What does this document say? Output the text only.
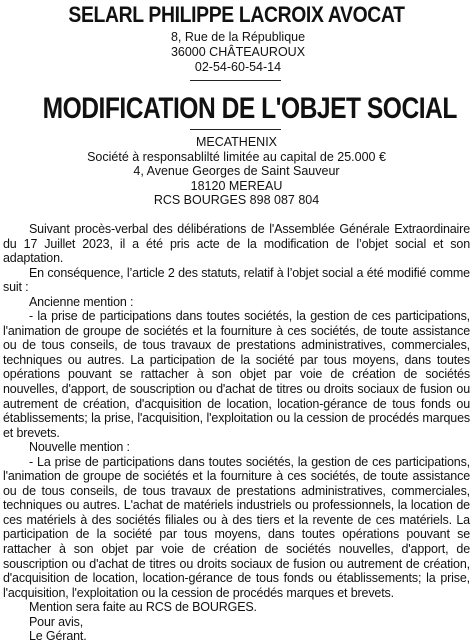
SELARL PHILIPPE LACROIX AVOCAT
8, Rue de la République
36000 CHÂTEAUROUX
02-54-60-54-14
MODIFICATION DE L'OBJET SOCIAL
MECATHENIX
Société à responsablilté limitée au capital de 25.000 €
4, Avenue Georges de Saint Sauveur
18120 MEREAU
RCS BOURGES 898 087 804

Suivant procès-verbal des délibérations de l'Assemblée Générale Extraordinaire du 17 Juillet 2023, il a été pris acte de la modification de l’objet social et son adaptation.

En conséquence, l’article 2 des statuts, relatif à l’objet social a été modifié comme suit :

Ancienne mention :

- la prise de participations dans toutes sociétés, la gestion de ces participations, l'animation de groupe de sociétés et la fourniture à ces sociétés, de toute assistance ou de tous conseils, de tous travaux de prestations administratives, commerciales, techniques ou autres. La participation de la société par tous moyens, dans toutes opérations pouvant se rattacher à son objet par voie de création de sociétés nouvelles, d'apport, de souscription ou d'achat de titres ou droits sociaux de fusion ou autrement de création, d'acquisition de location, location-gérance de tous fonds ou établissements; la prise, l'acquisition, l'exploitation ou la cession de procédés marques et brevets.

Nouvelle mention :

- La prise de participations dans toutes sociétés, la gestion de ces participations, l'animation de groupe de sociétés et la fourniture à ces sociétés, de toute assistance ou de tous conseils, de tous travaux de prestations administratives, commerciales, techniques ou autres. L'achat de matériels industriels ou professionnels, la location de ces matériels à des sociétés filiales ou à des tiers et la revente de ces matériels. La participation de la société par tous moyens, dans toutes opérations pouvant se rattacher à son objet par voie de création de sociétés nouvelles, d'apport, de souscription ou d'achat de titres ou droits sociaux de fusion ou autrement de création, d'acquisition de location, location-gérance de tous fonds ou établissements; la prise, l'acquisition, l'exploitation ou la cession de procédés marques et brevets.

Mention sera faite au RCS de BOURGES.

Pour avis,

Le Gérant.
